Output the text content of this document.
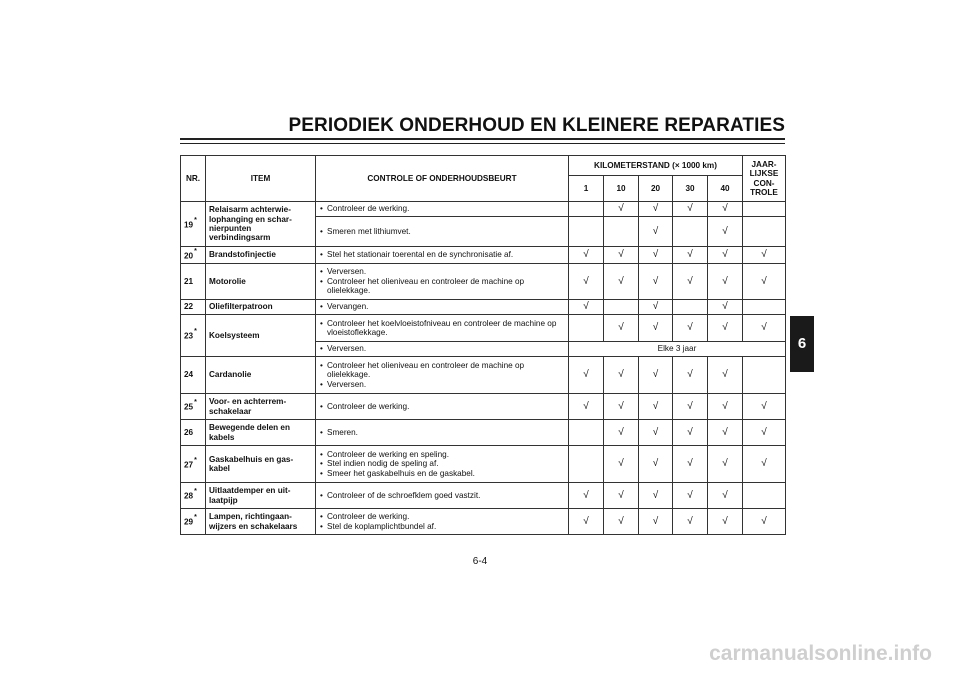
PERIODIEK ONDERHOUD EN KLEINERE REPARATIES
6
6-4
carmanualsonline.info
NR.	ITEM	CONTROLE OF ONDERHOUDSBEURT	KILOMETERSTAND (× 1000 km)					JAAR-LIJKSE CON-TROLE
			1	10	20	30	40	
19*	Relaisarm achterwie-lophanging en schar-nierpunten verbindingsarm	• Controleer de werking.		√	√	√	√	

		• Smeren met lithiumvet.			√		√	
20*	Brandstofinjectie	• Stel het stationair toerental en de synchronisatie af.	√	√	√	√	√	√
21	Motorolie	• Verversen.
• Controleer het olieniveau en controleer de machine op olielekkage.	√	√	√	√	√	√
22	Oliefilterpatroon	• Vervangen.	√		√		√	
23*	Koelsysteem	• Controleer het koelvloeistofniveau en controleer de machine op vloeistoflekkage.		√	√	√	√	√

		• Verversen.	Elke 3 jaar					
24	Cardanolie	• Controleer het olieniveau en controleer de machine op olielekkage.
• Verversen.	√	√	√	√	√	
25*	Voor- en achterrem-schakelaar	• Controleer de werking.	√	√	√	√	√	√
26	Bewegende delen en kabels	• Smeren.		√	√	√	√	√
27*	Gaskabelhuis en gas-kabel	• Controleer de werking en speling.
• Stel indien nodig de speling af.
• Smeer het gaskabelhuis en de gaskabel.		√	√	√	√	√
28*	Uitlaatdemper en uit-laatpijp	• Controleer of de schroefklem goed vastzit.	√	√	√	√	√	
29*	Lampen, richtingaan-wijzers en schakelaars	• Controleer de werking.
• Stel de koplamplichtbundel af.	√	√	√	√	√	√
